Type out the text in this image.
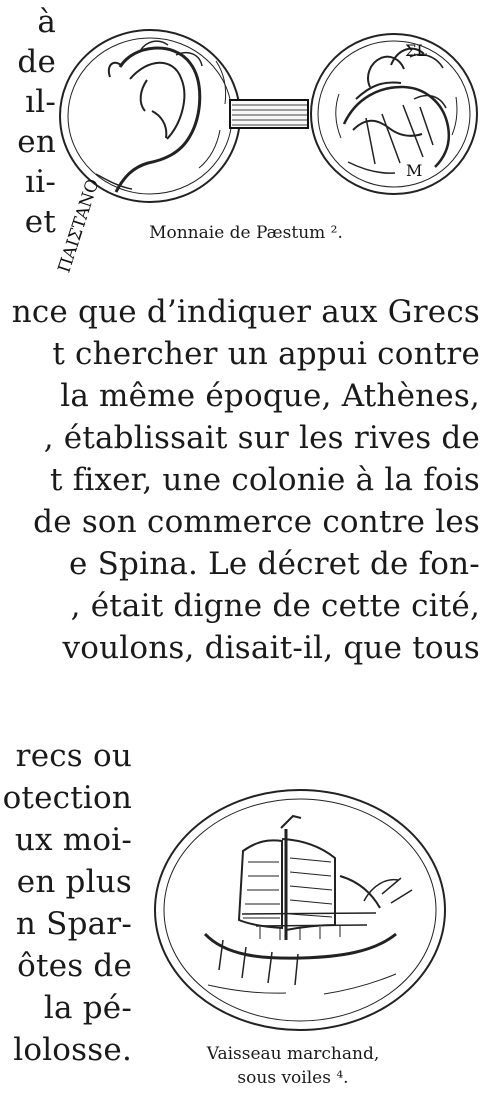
à
de
ıl-
en
ıi-
et
ΠAIΣTANO
ΣL
M
Monnaie de Pæstum ².
nce que d’indiquer aux Grecs
t chercher un appui contre
la même époque, Athènes,
, établissait sur les rives de
t fixer, une colonie à la fois
de son commerce contre les
e Spina. Le décret de fon-
, était digne de cette cité,
voulons, disait-il, que tous
recs ou
otection
ux moi-
en plus
n Spar-
ôtes de
la pé-
lolosse.	Vaisseau marchand,
sous voiles ⁴.
